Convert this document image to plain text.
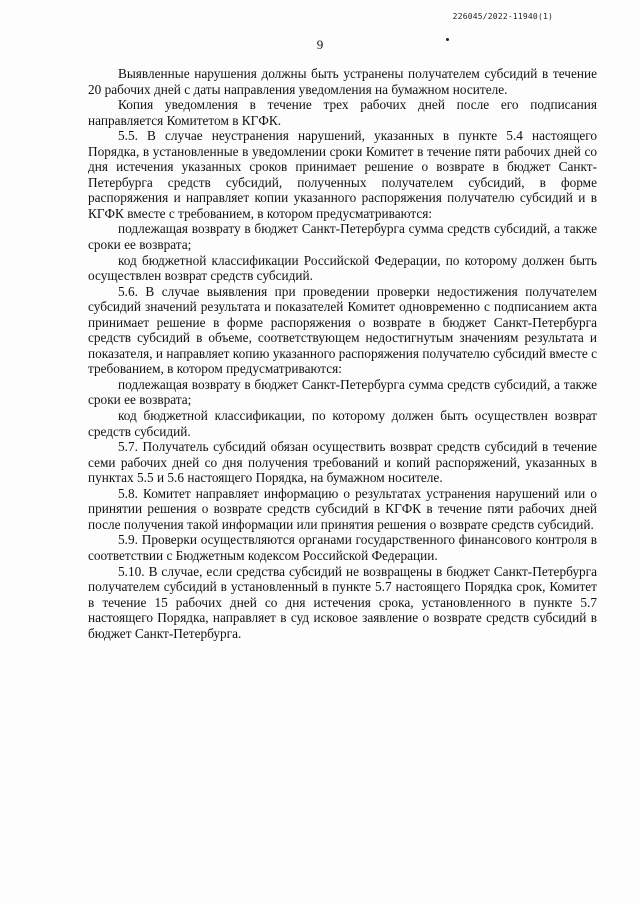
226045/2022-11940(1)
9

Выявленные нарушения должны быть устранены получателем субсидий в течение 20 рабочих дней с даты направления уведомления на бумажном носителе.

Копия уведомления в течение трех рабочих дней после его подписания направляется Комитетом в КГФК.

5.5. В случае неустранения нарушений, указанных в пункте 5.4 настоящего Порядка, в установленные в уведомлении сроки Комитет в течение пяти рабочих дней со дня истечения указанных сроков принимает решение о возврате в бюджет Санкт-Петербурга средств субсидий, полученных получателем субсидий, в форме распоряжения и направляет копии указанного распоряжения получателю субсидий и в КГФК вместе с требованием, в котором предусматриваются:

подлежащая возврату в бюджет Санкт-Петербурга сумма средств субсидий, а также сроки ее возврата;

код бюджетной классификации Российской Федерации, по которому должен быть осуществлен возврат средств субсидий.

5.6. В случае выявления при проведении проверки недостижения получателем субсидий значений результата и показателей Комитет одновременно с подписанием акта принимает решение в форме распоряжения о возврате в бюджет Санкт-Петербурга средств субсидий в объеме, соответствующем недостигнутым значениям результата и показателя, и направляет копию указанного распоряжения получателю субсидий вместе с требованием, в котором предусматриваются:

подлежащая возврату в бюджет Санкт-Петербурга сумма средств субсидий, а также сроки ее возврата;

код бюджетной классификации, по которому должен быть осуществлен возврат средств субсидий.

5.7. Получатель субсидий обязан осуществить возврат средств субсидий в течение семи рабочих дней со дня получения требований и копий распоряжений, указанных в пунктах 5.5 и 5.6 настоящего Порядка, на бумажном носителе.

5.8. Комитет направляет информацию о результатах устранения нарушений или о принятии решения о возврате средств субсидий в КГФК в течение пяти рабочих дней после получения такой информации или принятия решения о возврате средств субсидий.

5.9. Проверки осуществляются органами государственного финансового контроля в соответствии с Бюджетным кодексом Российской Федерации.

5.10. В случае, если средства субсидий не возвращены в бюджет Санкт-Петербурга получателем субсидий в установленный в пункте 5.7 настоящего Порядка срок, Комитет в течение 15 рабочих дней со дня истечения срока, установленного в пункте 5.7 настоящего Порядка, направляет в суд исковое заявление о возврате средств субсидий в бюджет Санкт-Петербурга.
